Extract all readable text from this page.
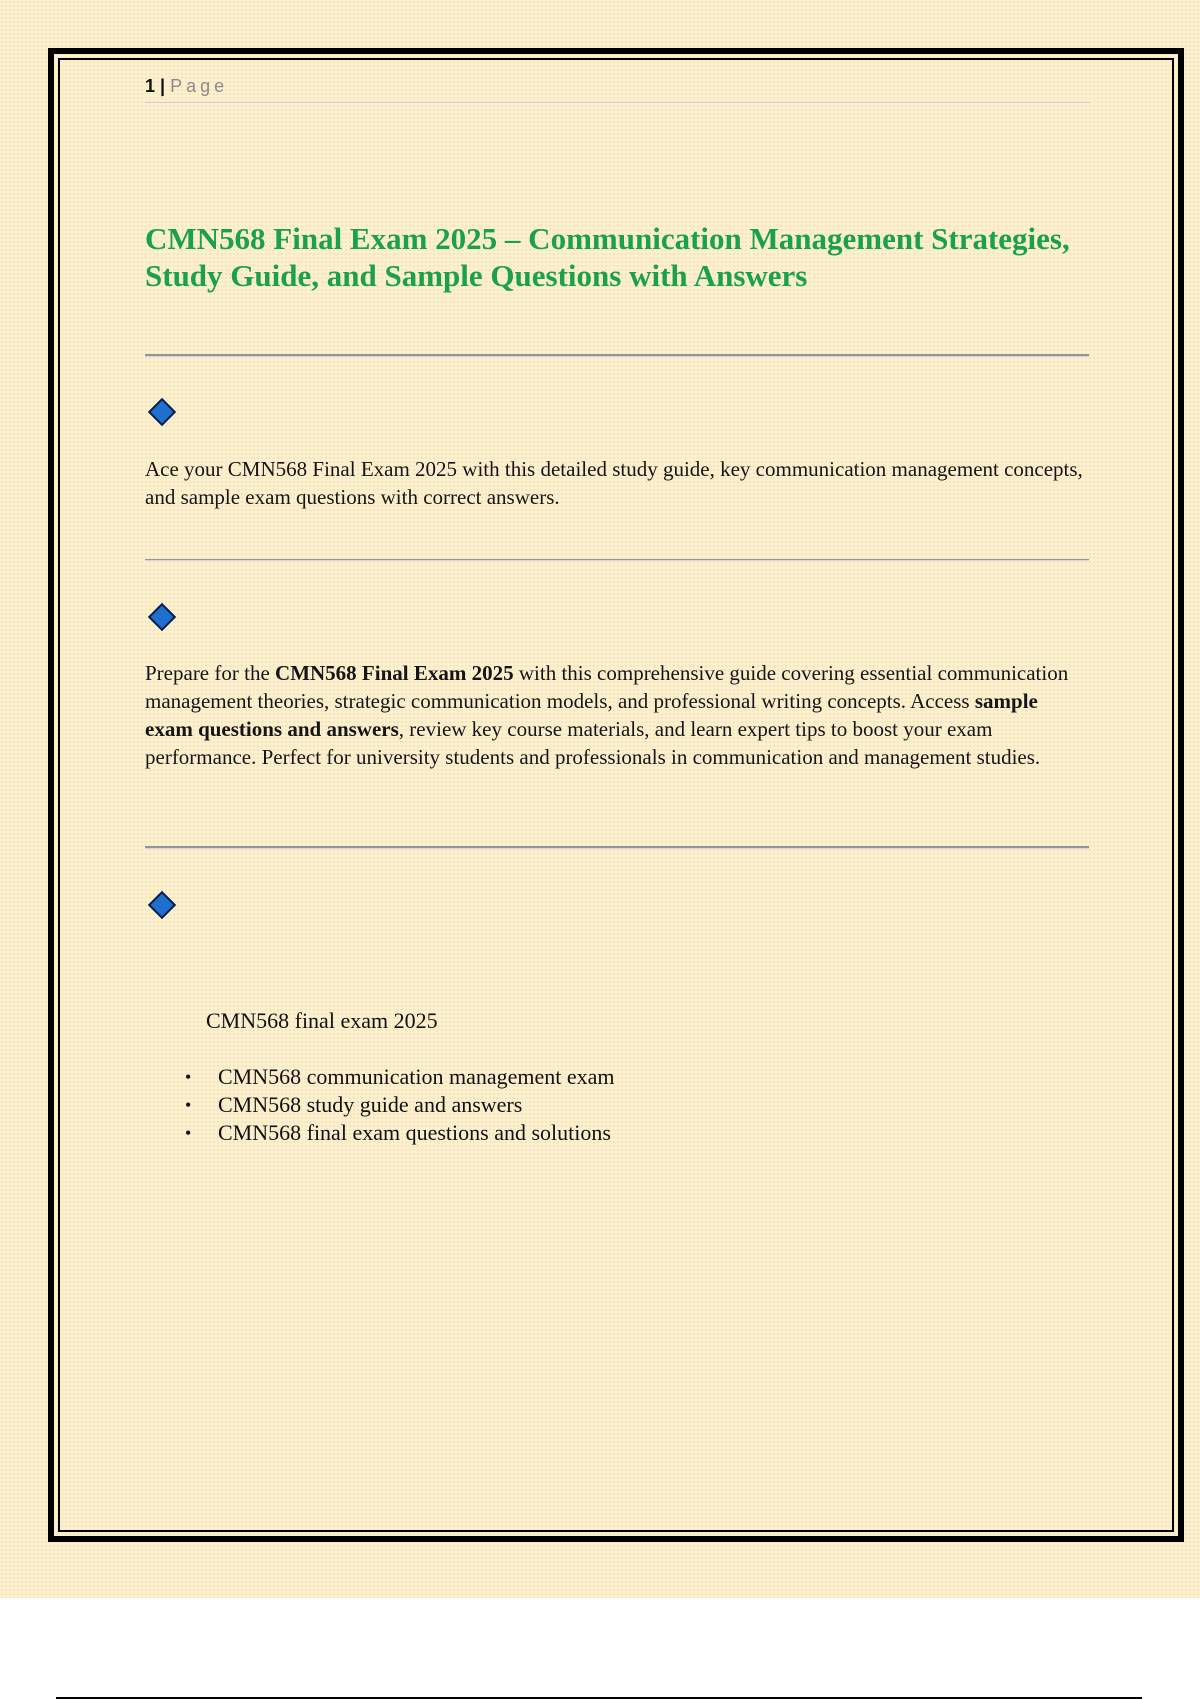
1 | Page
CMN568 Final Exam 2025 – Communication Management Strategies, Study Guide, and Sample Questions with Answers

Ace your CMN568 Final Exam 2025 with this detailed study guide, key communication management concepts, and sample exam questions with correct answers.

Prepare for the CMN568 Final Exam 2025 with this comprehensive guide covering essential communication management theories, strategic communication models, and professional writing concepts. Access sample exam questions and answers, review key course materials, and learn expert tips to boost your exam performance. Perfect for university students and professionals in communication and management studies.

CMN568 final exam 2025

• CMN568 communication management exam
• CMN568 study guide and answers
• CMN568 final exam questions and solutions
